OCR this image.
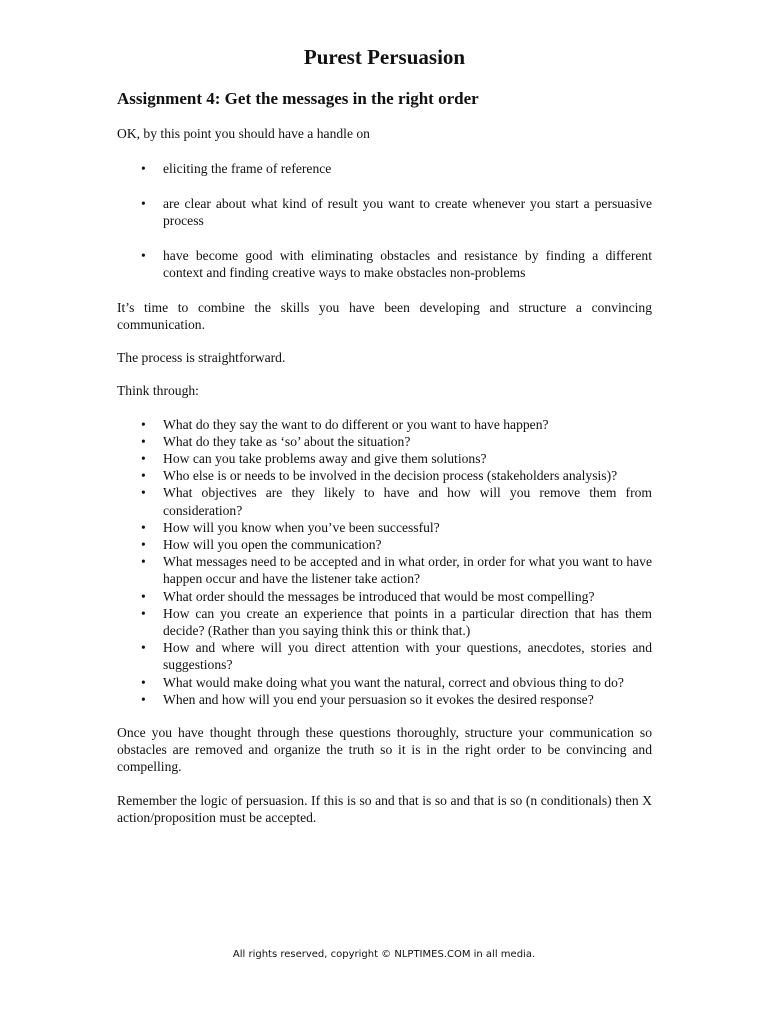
Purest Persuasion
Assignment 4: Get the messages in the right order

OK, by this point you should have a handle on

• eliciting the frame of reference
• are clear about what kind of result you want to create whenever you start a persuasive process
• have become good with eliminating obstacles and resistance by finding a different context and finding creative ways to make obstacles non-problems

It’s time to combine the skills you have been developing and structure a convincing communication.

The process is straightforward.

Think through:

• What do they say the want to do different or you want to have happen?
• What do they take as ‘so’ about the situation?
• How can you take problems away and give them solutions?
• Who else is or needs to be involved in the decision process (stakeholders analysis)?
• What objectives are they likely to have and how will you remove them from consideration?
• How will you know when you’ve been successful?
• How will you open the communication?
• What messages need to be accepted and in what order, in order for what you want to have happen occur and have the listener take action?
• What order should the messages be introduced that would be most compelling?
• How can you create an experience that points in a particular direction that has them decide? (Rather than you saying think this or think that.)
• How and where will you direct attention with your questions, anecdotes, stories and suggestions?
• What would make doing what you want the natural, correct and obvious thing to do?
• When and how will you end your persuasion so it evokes the desired response?

Once you have thought through these questions thoroughly, structure your communication so obstacles are removed and organize the truth so it is in the right order to be convincing and compelling.

Remember the logic of persuasion. If this is so and that is so and that is so (n conditionals) then X action/proposition must be accepted.

All rights reserved, copyright © NLPTIMES.COM in all media.
